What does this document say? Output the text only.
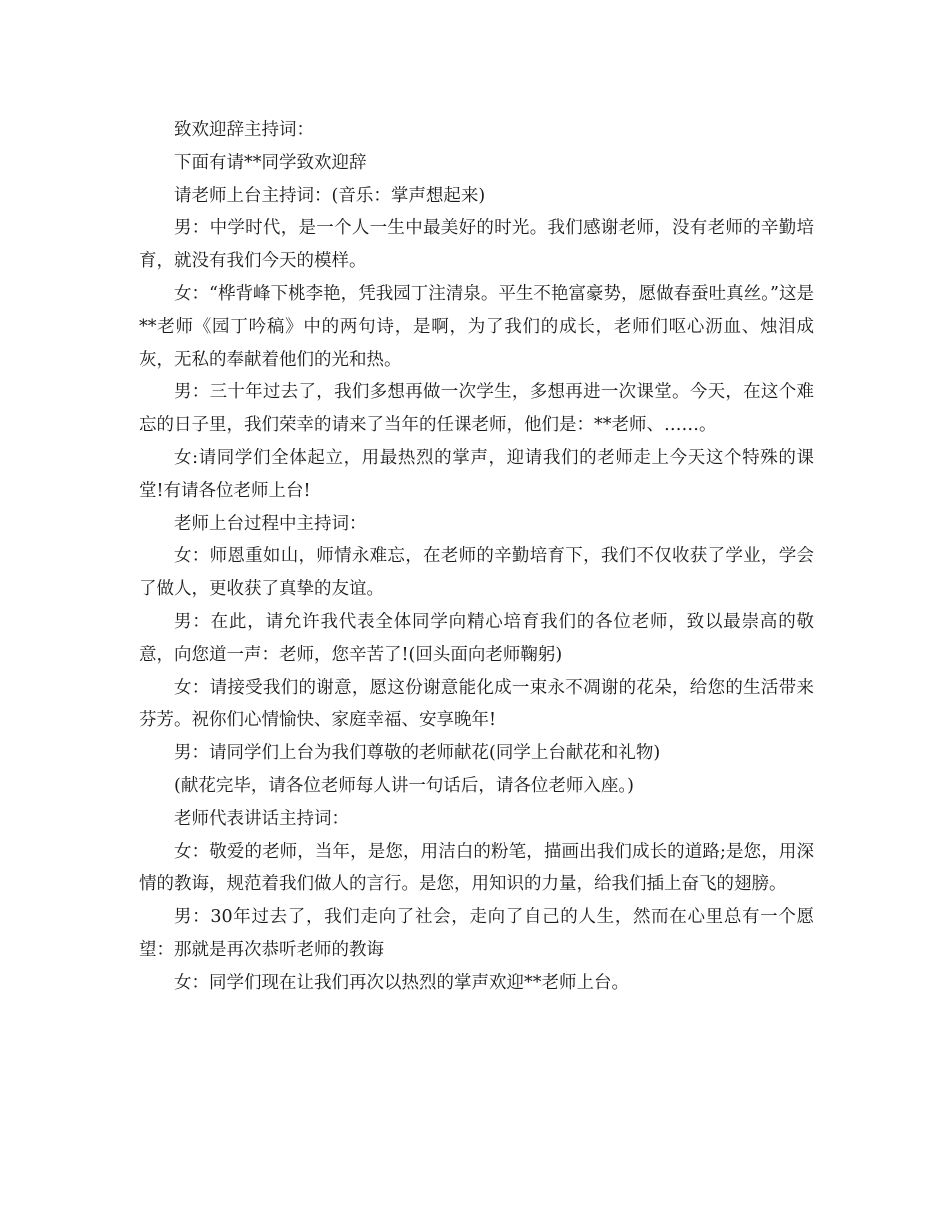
致欢迎辞主持词：

下面有请**同学致欢迎辞

请老师上台主持词：(音乐：掌声想起来)

男：中学时代，是一个人一生中最美好的时光。我们感谢老师，没有老师的辛勤培育，就没有我们今天的模样。

女：“桦背峰下桃李艳，凭我园丁注清泉。平生不艳富豪势，愿做春蚕吐真丝。”这是**老师《园丁吟稿》中的两句诗，是啊，为了我们的成长，老师们呕心沥血、烛泪成灰，无私的奉献着他们的光和热。

男：三十年过去了，我们多想再做一次学生，多想再进一次课堂。今天，在这个难忘的日子里，我们荣幸的请来了当年的任课老师，他们是：**老师、……。

女:请同学们全体起立，用最热烈的掌声，迎请我们的老师走上今天这个特殊的课堂!有请各位老师上台!

老师上台过程中主持词：

女：师恩重如山，师情永难忘，在老师的辛勤培育下，我们不仅收获了学业，学会了做人，更收获了真挚的友谊。

男：在此，请允许我代表全体同学向精心培育我们的各位老师，致以最崇高的敬意，向您道一声：老师，您辛苦了!(回头面向老师鞠躬)

女：请接受我们的谢意，愿这份谢意能化成一束永不凋谢的花朵，给您的生活带来芬芳。祝你们心情愉快、家庭幸福、安享晚年!

男：请同学们上台为我们尊敬的老师献花(同学上台献花和礼物)

(献花完毕，请各位老师每人讲一句话后，请各位老师入座。)

老师代表讲话主持词：

女：敬爱的老师，当年，是您，用洁白的粉笔，描画出我们成长的道路;是您，用深情的教诲，规范着我们做人的言行。是您，用知识的力量，给我们插上奋飞的翅膀。

男：30年过去了，我们走向了社会，走向了自己的人生，然而在心里总有一个愿望：那就是再次恭听老师的教诲

女：同学们现在让我们再次以热烈的掌声欢迎**老师上台。
